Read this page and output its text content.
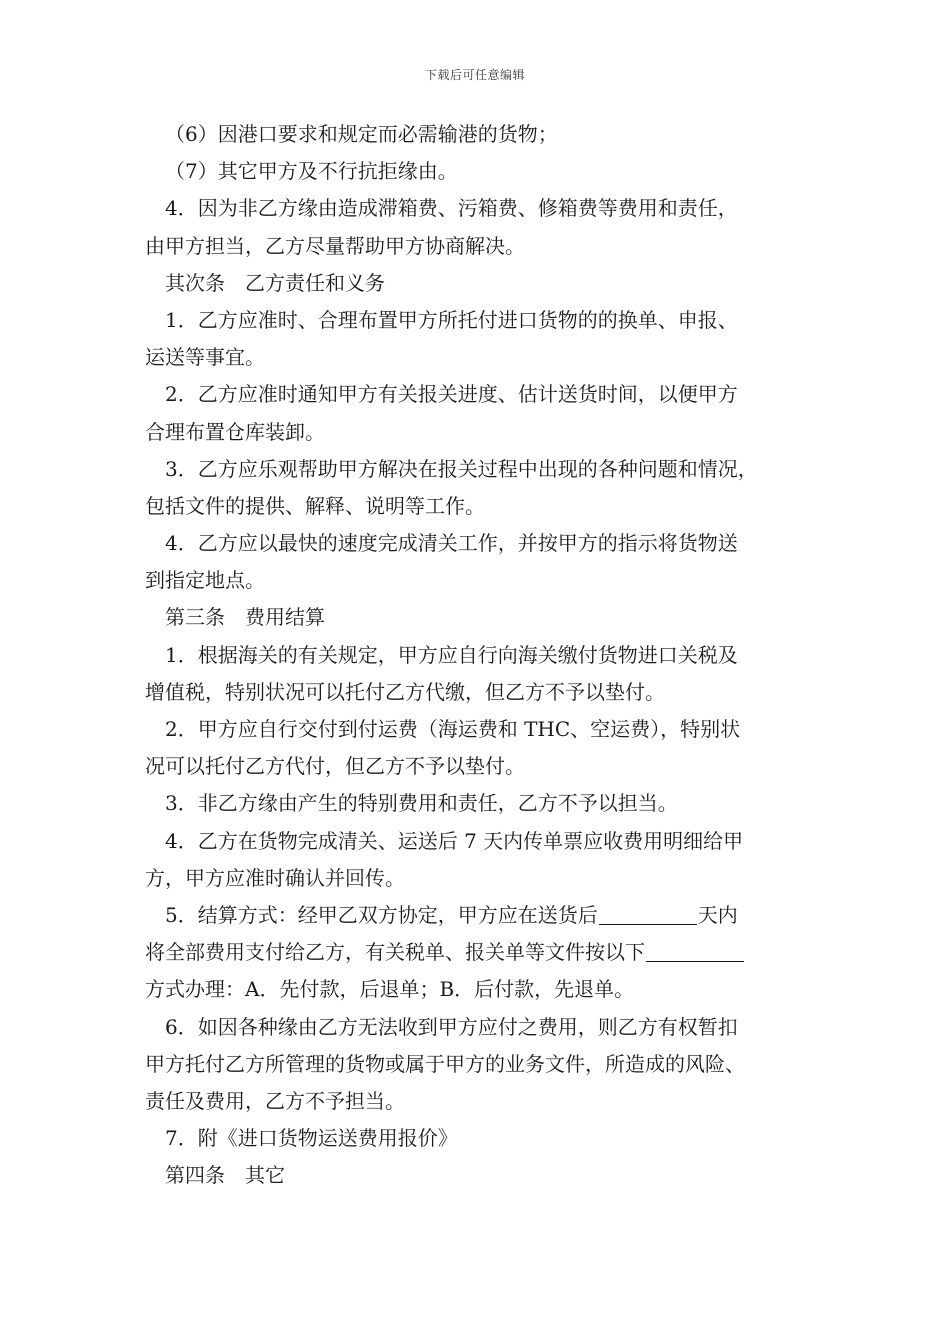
下载后可任意编辑
（6）因港口要求和规定而必需输港的货物；
（7）其它甲方及不行抗拒缘由。
4．因为非乙方缘由造成滞箱费、污箱费、修箱费等费用和责任，
由甲方担当，乙方尽量帮助甲方协商解决。
其次条　乙方责任和义务
1．乙方应准时、合理布置甲方所托付进口货物的的换单、申报、
运送等事宜。
2．乙方应准时通知甲方有关报关进度、估计送货时间，以便甲方
合理布置仓库装卸。
3．乙方应乐观帮助甲方解决在报关过程中出现的各种问题和情况，
包括文件的提供、解释、说明等工作。
4．乙方应以最快的速度完成清关工作，并按甲方的指示将货物送
到指定地点。
第三条　费用结算
1．根据海关的有关规定，甲方应自行向海关缴付货物进口关税及
增值税，特别状况可以托付乙方代缴，但乙方不予以垫付。
2．甲方应自行交付到付运费（海运费和 THC、空运费），特别状
况可以托付乙方代付，但乙方不予以垫付。
3．非乙方缘由产生的特别费用和责任，乙方不予以担当。
4．乙方在货物完成清关、运送后 7 天内传单票应收费用明细给甲
方，甲方应准时确认并回传。
5．结算方式：经甲乙双方协定，甲方应在送货后	天内
将全部费用支付给乙方，有关税单、报关单等文件按以下
方式办理：A．先付款，后退单；B．后付款，先退单。
6．如因各种缘由乙方无法收到甲方应付之费用，则乙方有权暂扣
甲方托付乙方所管理的货物或属于甲方的业务文件，所造成的风险、
责任及费用，乙方不予担当。
7．附《进口货物运送费用报价》
第四条　其它
